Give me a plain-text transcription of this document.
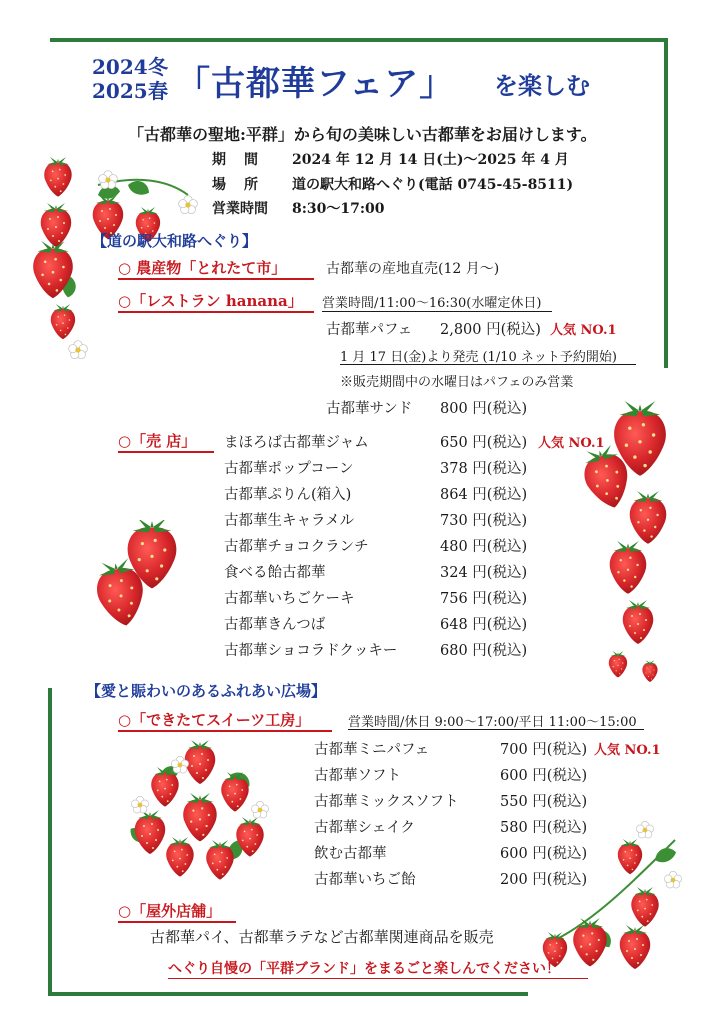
2024 冬
2025 春 「古都華フェア」 を楽しむ
「古都華の聖地:平群」から旬の美味しい古都華をお届けします。
期　間 2024 年 12 月 14 日(土)～2025 年 4 月
場　所 道の駅大和路へぐり(電話 0745-45-8511)
営業時間 8:30～17:00
【道の駅大和路へぐり】
○ 農産物「とれたて市」	古都華の産地直売(12 月～)
○「レストラン hanana」 営業時間/11:00～16:30(水曜定休日)
古都華パフェ 2,800 円(税込) 人気 NO.1
1 月 17 日(金)より発売 (1/10 ネット予約開始)
※販売期間中の水曜日はパフェのみ営業
古都華サンド 800 円(税込)
○「売 店」 まほろば古都華ジャム	650 円(税込) 人気 NO.1
古都華ポップコーン	378 円(税込)
古都華ぷりん(箱入)	864 円(税込)
古都華生キャラメル	730 円(税込)
古都華チョコクランチ	480 円(税込)
食べる飴古都華	324 円(税込)
古都華いちごケーキ	756 円(税込)
古都華きんつば	648 円(税込)
古都華ショコラドクッキー	680 円(税込)
【愛と賑わいのあるふれあい広場】
○「できたてスイーツ工房」	営業時間/休日 9:00～17:00/平日 11:00～15:00
古都華ミニパフェ	700 円(税込) 人気 NO.1
古都華ソフト	600 円(税込)
古都華ミックスソフト	550 円(税込)
古都華シェイク	580 円(税込)
飲む古都華	600 円(税込)
古都華いちご飴	200 円(税込)
○「屋外店舗」
古都華パイ、古都華ラテなど古都華関連商品を販売
へぐり自慢の「平群ブランド」をまるごと楽しんでください！
